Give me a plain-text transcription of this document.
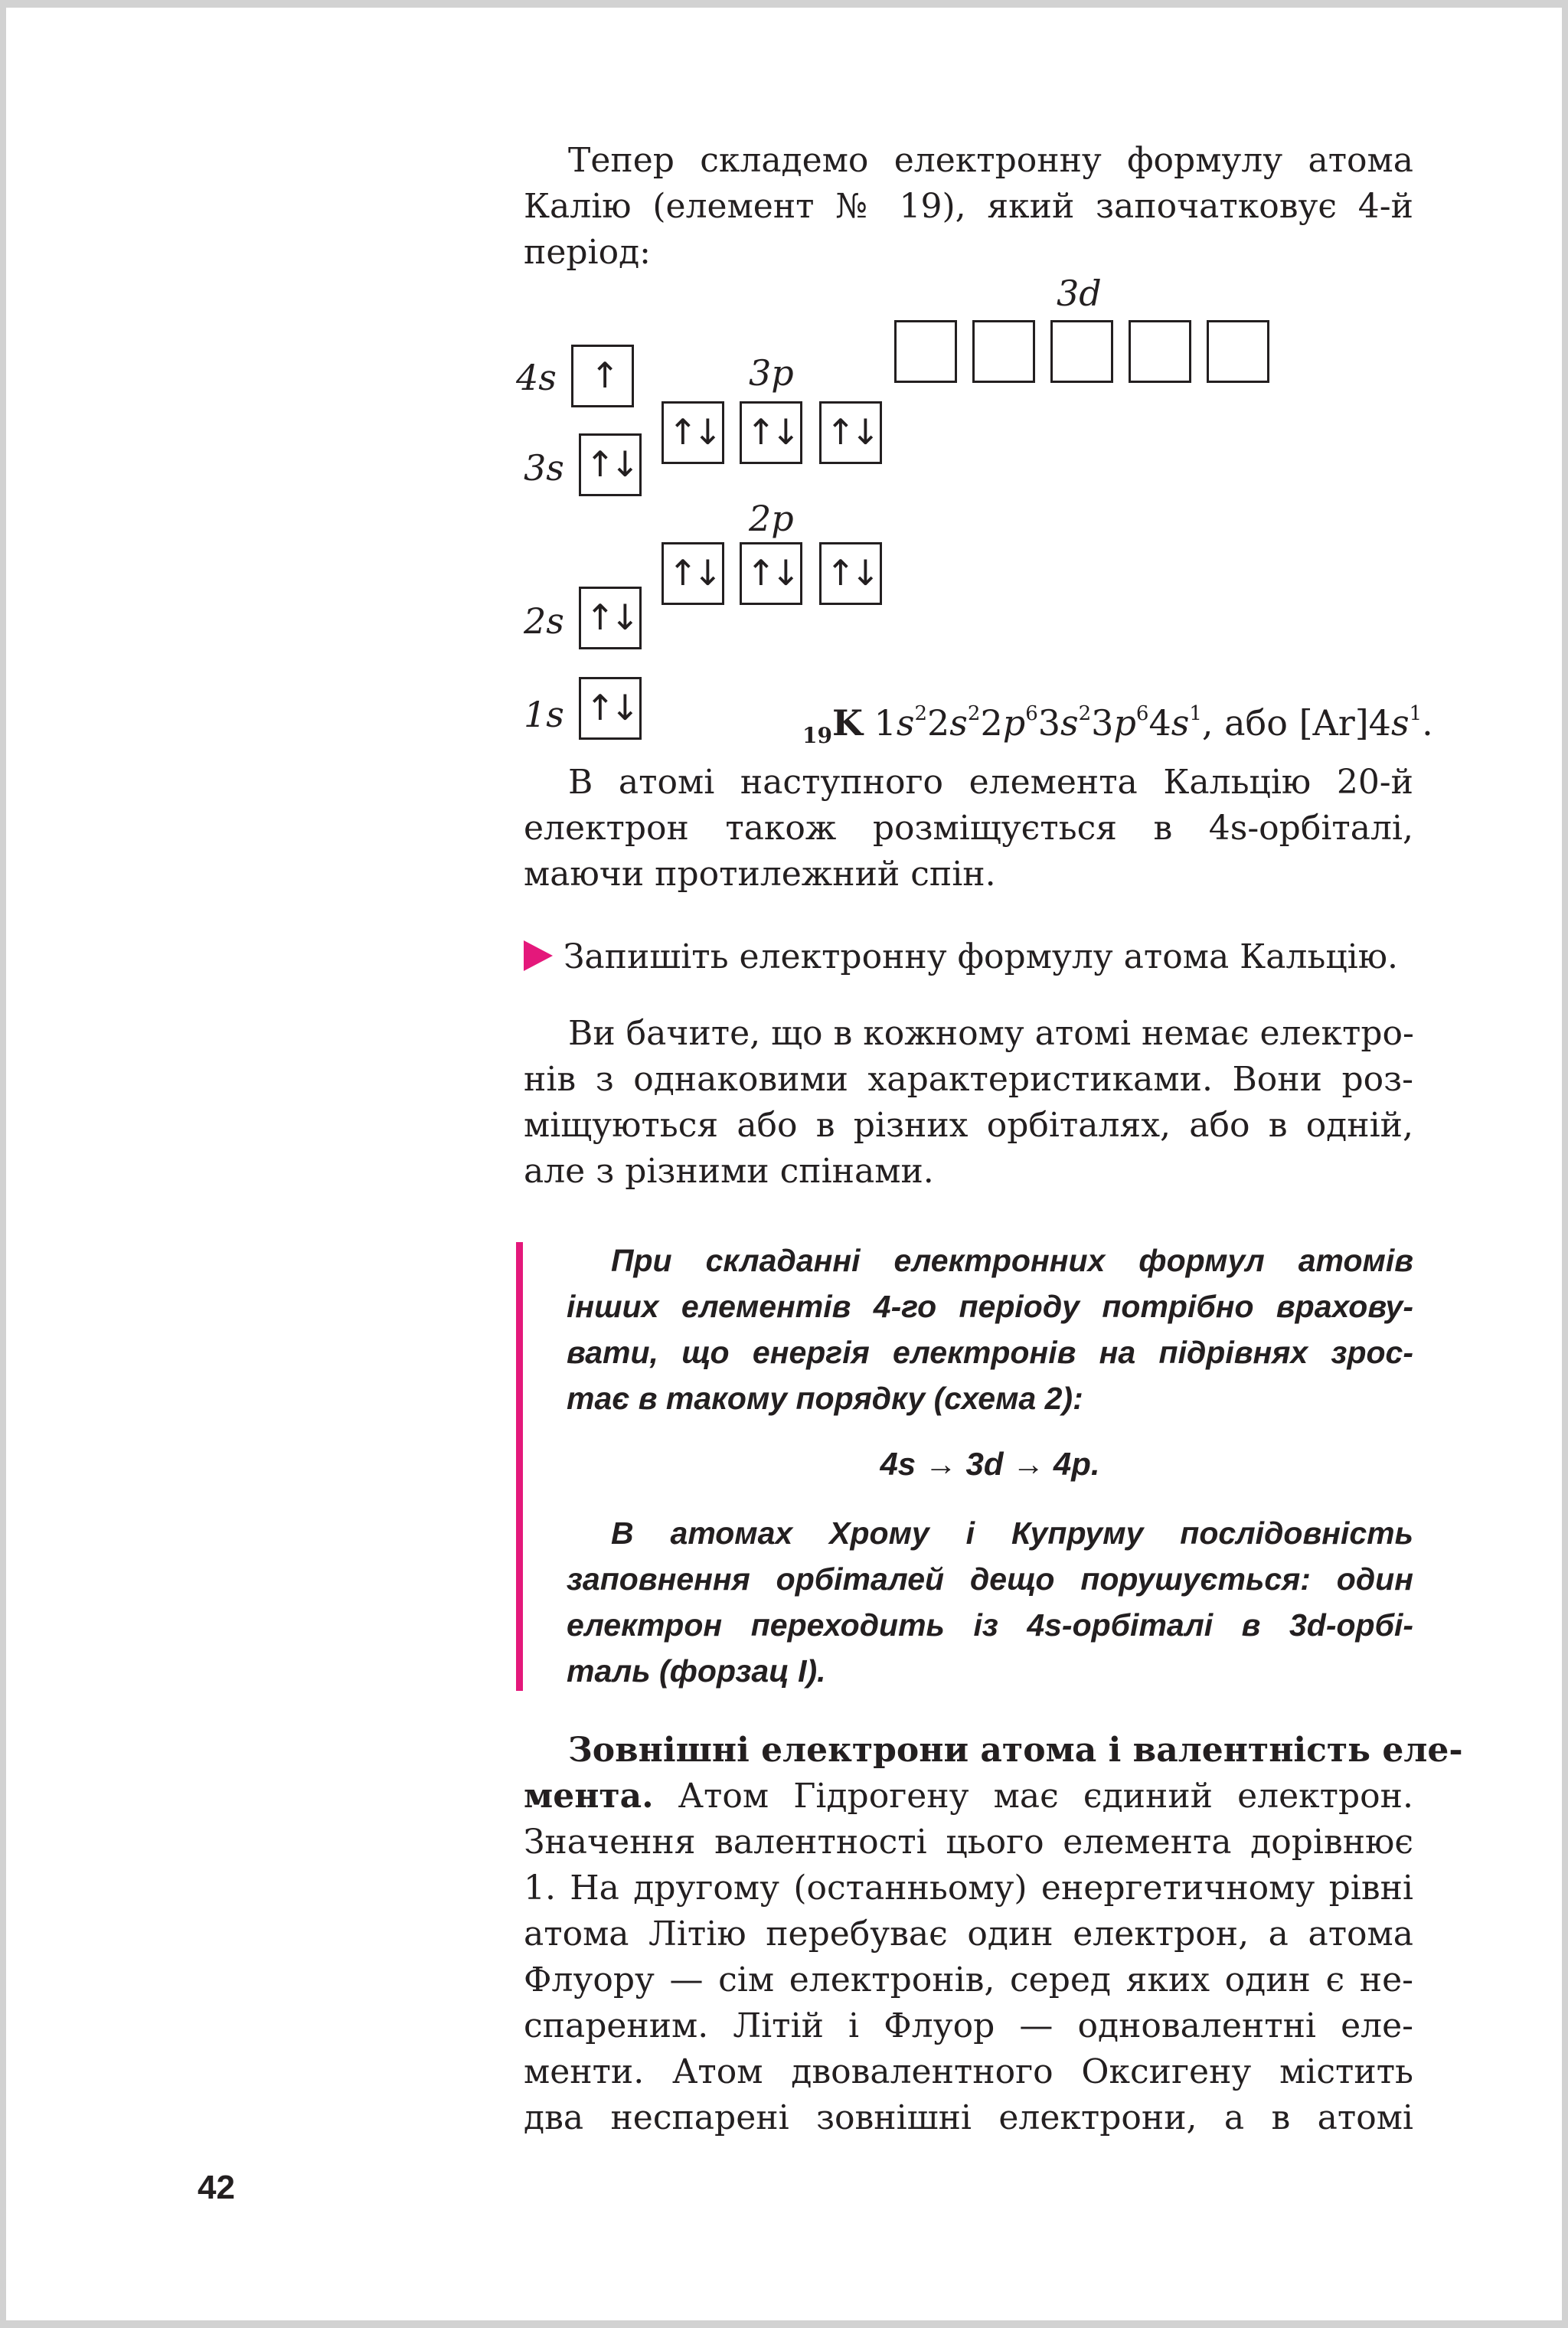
Тепер складемо електронну формулу атома
Калію (елемент № 19), який започатковує 4-й
період:

3d
4s	3p
3s
2p
2s
1s
↑
↑↓ ↑↓ ↑↓
↑↓
↑↓ ↑↓ ↑↓
↑↓
↑↓
$_{19}$K $1s^22s^22p^63s^23p^64s^1$, або $[Ar]4s^1$.

В атомі наступного елемента Кальцію 20-й
електрон також розміщується в 4s-орбіталі,
маючи протилежний спін.

Запишіть електронну формулу атома Кальцію.

Ви бачите, що в кожному атомі немає електро-
нів з однаковими характеристиками. Вони роз-
міщуються або в різних орбіталях, або в одній,
але з різними спінами.

При складанні електронних формул атомів
інших елементів 4-го періоду потрібно врахову-
вати, що енергія електронів на підрівнях зрос-
тає в такому порядку (схема 2):

4s → 3d → 4p.

В атомах Хрому і Купруму послідовність
заповнення орбіталей дещо порушується: один
електрон переходить із 4s-орбіталі в 3d-орбі-
таль (форзац I).

Зовнішні електрони атома і валентність еле-
мента. Атом Гідрогену має єдиний електрон.
Значення валентності цього елемента дорівнює
1. На другому (останньому) енергетичному рівні
атома Літію перебуває один електрон, а атома
Флуору — сім електронів, серед яких один є не-
спареним. Літій і Флуор — одновалентні еле-
менти. Атом двовалентного Оксигену містить
два неспарені зовнішні електрони, а в атомі

42
